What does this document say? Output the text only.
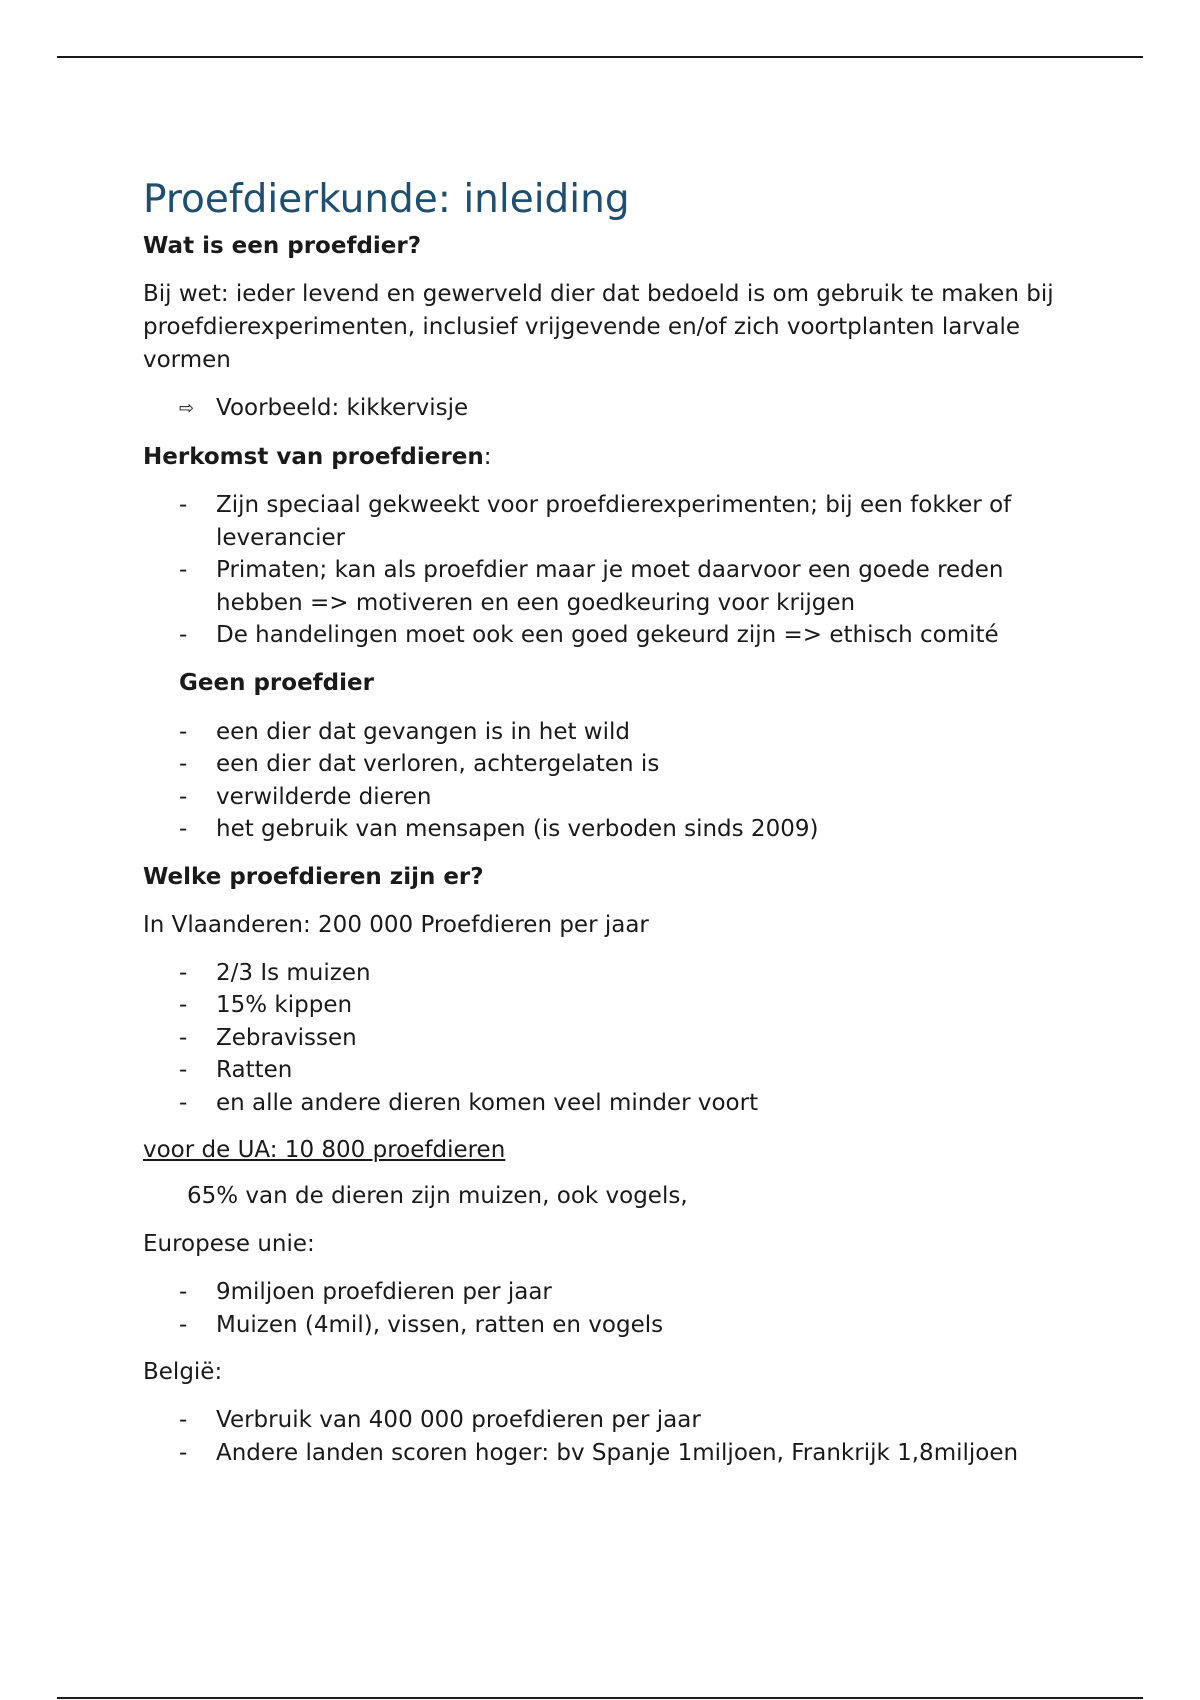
Proefdierkunde: inleiding
Wat is een proefdier?

Bij wet: ieder levend en gewerveld dier dat bedoeld is om gebruik te maken bij proefdierexperimenten, inclusief vrijgevende en/of zich voortplanten larvale vormen

⇨ Voorbeeld: kikkervisje
Herkomst van proefdieren:
- Zijn speciaal gekweekt voor proefdierexperimenten; bij een fokker of leverancier
- Primaten; kan als proefdier maar je moet daarvoor een goede reden hebben => motiveren en een goedkeuring voor krijgen
- De handelingen moet ook een goed gekeurd zijn => ethisch comité
Geen proefdier
- een dier dat gevangen is in het wild
- een dier dat verloren, achtergelaten is
- verwilderde dieren
- het gebruik van mensapen (is verboden sinds 2009)
Welke proefdieren zijn er?

In Vlaanderen: 200 000 Proefdieren per jaar

- 2/3 Is muizen
- 15% kippen
- Zebravissen
- Ratten
- en alle andere dieren komen veel minder voort
voor de UA: 10 800 proefdieren
65% van de dieren zijn muizen, ook vogels,

Europese unie:

- 9miljoen proefdieren per jaar
- Muizen (4mil), vissen, ratten en vogels

België:

- Verbruik van 400 000 proefdieren per jaar
- Andere landen scoren hoger: bv Spanje 1miljoen, Frankrijk 1,8miljoen
